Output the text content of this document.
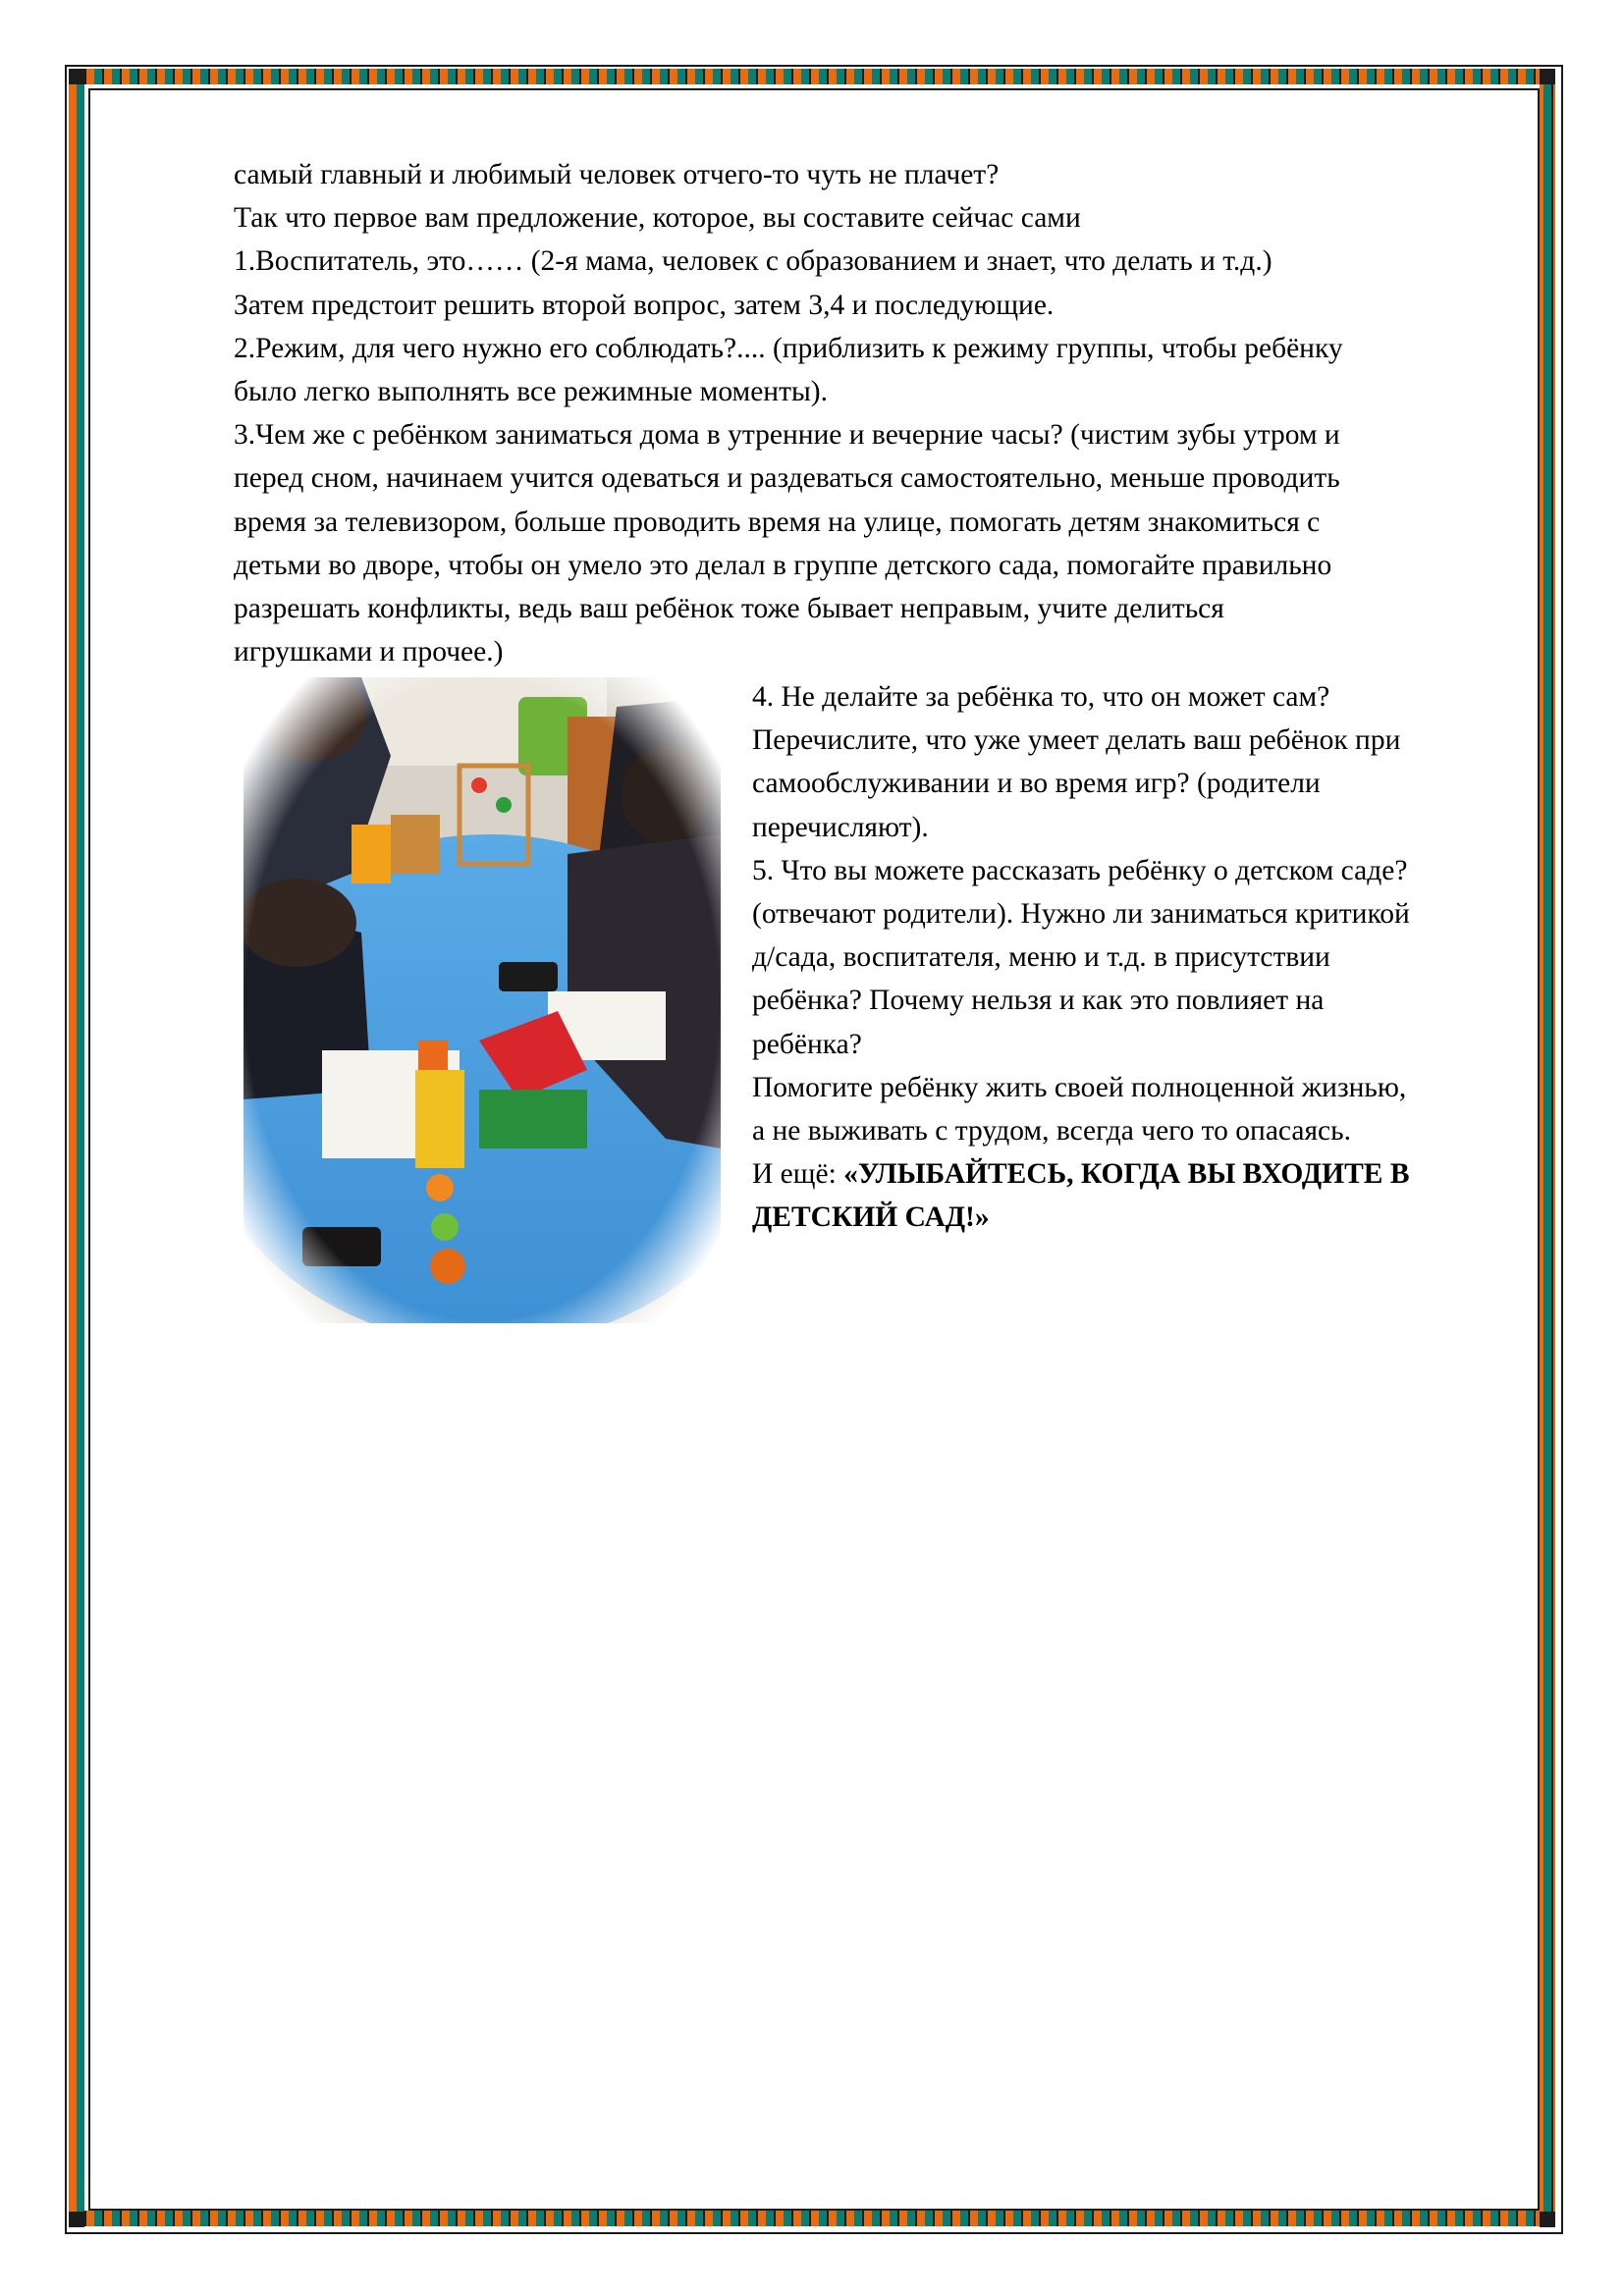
самый главный и любимый человек отчего-то чуть не плачет?

Так что первое вам предложение, которое, вы составите сейчас сами

1.Воспитатель, это…… (2-я мама, человек с образованием и знает, что делать и т.д.)

Затем предстоит решить второй вопрос, затем 3,4 и последующие.

2.Режим, для чего нужно его соблюдать?.... (приблизить к режиму группы, чтобы ребёнку

было легко выполнять все режимные моменты).

3.Чем же с ребёнком заниматься дома в утренние и вечерние часы? (чистим зубы утром и

перед сном, начинаем учится одеваться и раздеваться самостоятельно, меньше проводить

время за телевизором, больше проводить время на улице, помогать детям знакомиться с

детьми во дворе, чтобы он умело это делал в группе детского сада, помогайте правильно

разрешать конфликты, ведь ваш ребёнок тоже бывает неправым, учите делиться

игрушками и прочее.)

4. Не делайте за ребёнка то, что он может сам?

Перечислите, что уже умеет делать ваш ребёнок при

самообслуживании и во время игр? (родители

перечисляют).

5. Что вы можете рассказать ребёнку о детском саде?

(отвечают родители). Нужно ли заниматься критикой

д/сада, воспитателя, меню и т.д. в присутствии

ребёнка? Почему нельзя и как это повлияет на

ребёнка?

Помогите ребёнку жить своей полноценной жизнью,

а не выживать с трудом, всегда чего то опасаясь.

И ещё: «УЛЫБАЙТЕСЬ, КОГДА ВЫ ВХОДИТЕ В

ДЕТСКИЙ САД!»
